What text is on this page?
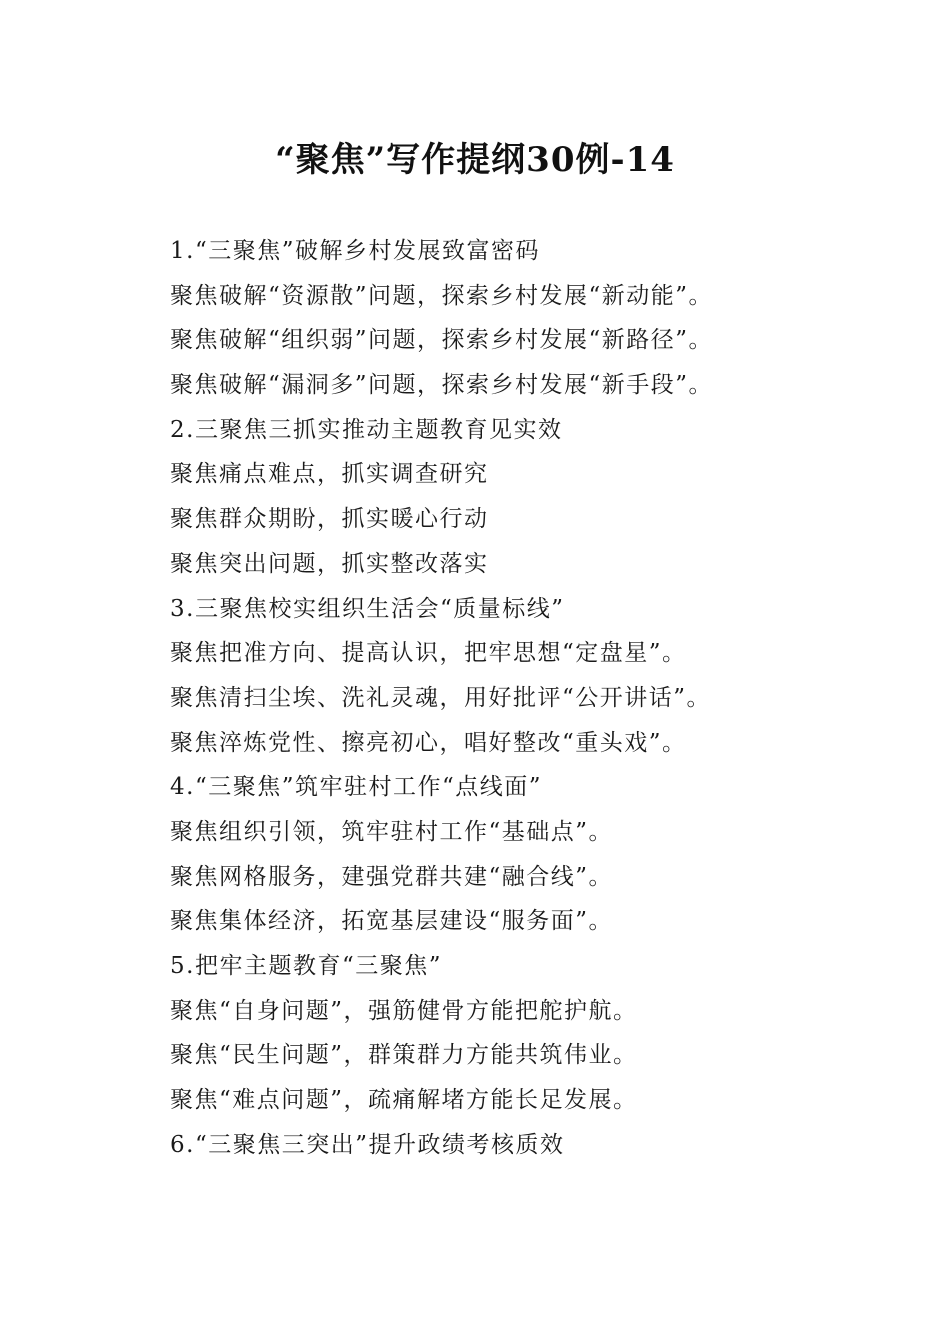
“聚焦”写作提纲30例-14
1.“三聚焦”破解乡村发展致富密码
聚焦破解“资源散”问题，探索乡村发展“新动能”。
聚焦破解“组织弱”问题，探索乡村发展“新路径”。
聚焦破解“漏洞多”问题，探索乡村发展“新手段”。
2.三聚焦三抓实推动主题教育见实效
聚焦痛点难点，抓实调查研究
聚焦群众期盼，抓实暖心行动
聚焦突出问题，抓实整改落实
3.三聚焦校实组织生活会“质量标线”
聚焦把准方向、提高认识，把牢思想“定盘星”。
聚焦清扫尘埃、洗礼灵魂，用好批评“公开讲话”。
聚焦淬炼党性、擦亮初心，唱好整改“重头戏”。
4.“三聚焦”筑牢驻村工作“点线面”
聚焦组织引领，筑牢驻村工作“基础点”。
聚焦网格服务，建强党群共建“融合线”。
聚焦集体经济，拓宽基层建设“服务面”。
5.把牢主题教育“三聚焦”
聚焦“自身问题”，强筋健骨方能把舵护航。
聚焦“民生问题”，群策群力方能共筑伟业。
聚焦“难点问题”，疏痛解堵方能长足发展。
6.“三聚焦三突出”提升政绩考核质效
